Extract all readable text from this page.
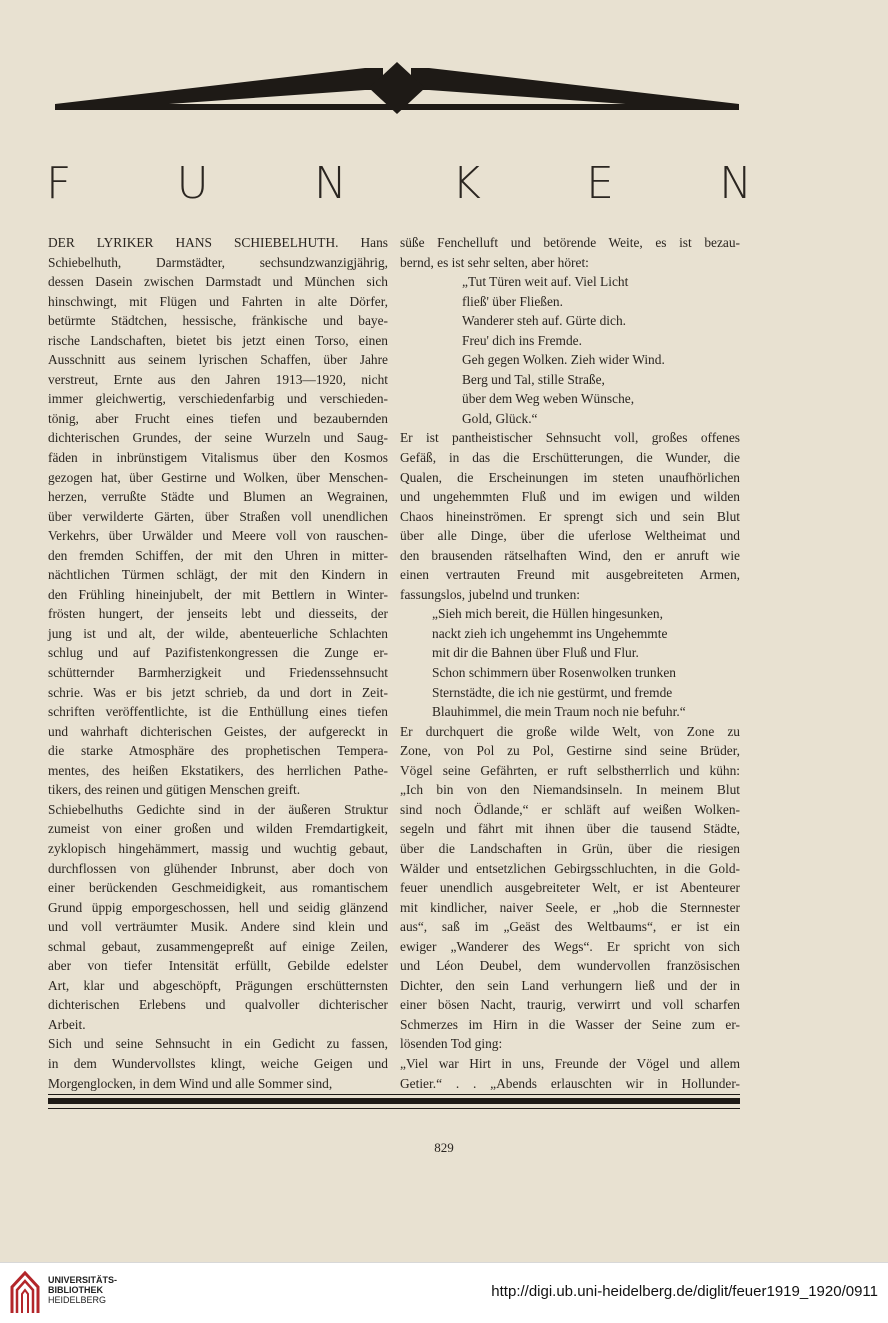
F U N K E N
DER LYRIKER HANS SCHIEBELHUTH. Hans
Schiebelhuth, Darmstädter, sechsundzwanzigjährig,
dessen Dasein zwischen Darmstadt und München sich
hinschwingt, mit Flügen und Fahrten in alte Dörfer,
betürmte Städtchen, hessische, fränkische und baye-
rische Landschaften, bietet bis jetzt einen Torso, einen
Ausschnitt aus seinem lyrischen Schaffen, über Jahre
verstreut, Ernte aus den Jahren 1913—1920, nicht
immer gleichwertig, verschiedenfarbig und verschieden-
tönig, aber Frucht eines tiefen und bezaubernden
dichterischen Grundes, der seine Wurzeln und Saug-
fäden in inbrünstigem Vitalismus über den Kosmos
gezogen hat, über Gestirne und Wolken, über Menschen-
herzen, verrußte Städte und Blumen an Wegrainen,
über verwilderte Gärten, über Straßen voll unendlichen
Verkehrs, über Urwälder und Meere voll von rauschen-
den fremden Schiffen, der mit den Uhren in mitter-
nächtlichen Türmen schlägt, der mit den Kindern in
den Frühling hineinjubelt, der mit Bettlern in Winter-
frösten hungert, der jenseits lebt und diesseits, der
jung ist und alt, der wilde, abenteuerliche Schlachten
schlug und auf Pazifistenkongressen die Zunge er-
schütternder Barmherzigkeit und Friedenssehnsucht
schrie. Was er bis jetzt schrieb, da und dort in Zeit-
schriften veröffentlichte, ist die Enthüllung eines tiefen
und wahrhaft dichterischen Geistes, der aufgereckt in
die starke Atmosphäre des prophetischen Tempera-
mentes, des heißen Ekstatikers, des herrlichen Pathe-
tikers, des reinen und gütigen Menschen greift.
Schiebelhuths Gedichte sind in der äußeren Struktur
zumeist von einer großen und wilden Fremdartigkeit,
zyklopisch hingehämmert, massig und wuchtig gebaut,
durchflossen von glühender Inbrunst, aber doch von
einer berückenden Geschmeidigkeit, aus romantischem
Grund üppig emporgeschossen, hell und seidig glänzend
und voll verträumter Musik. Andere sind klein und
schmal gebaut, zusammengepreßt auf einige Zeilen,
aber von tiefer Intensität erfüllt, Gebilde edelster
Art, klar und abgeschöpft, Prägungen erschütternsten
dichterischen Erlebens und qualvoller dichterischer
Arbeit.
Sich und seine Sehnsucht in ein Gedicht zu fassen,
in dem Wundervollstes klingt, weiche Geigen und
Morgenglocken, in dem Wind und alle Sommer sind,
süße Fenchelluft und betörende Weite, es ist bezau-
bernd, es ist sehr selten, aber höret:
„Tut Türen weit auf. Viel Licht
fließ' über Fließen.
Wanderer steh auf. Gürte dich.
Freu' dich ins Fremde.
Geh gegen Wolken. Zieh wider Wind.
Berg und Tal, stille Straße,
über dem Weg weben Wünsche,
Gold, Glück.“
Er ist pantheistischer Sehnsucht voll, großes offenes
Gefäß, in das die Erschütterungen, die Wunder, die
Qualen, die Erscheinungen im steten unaufhörlichen
und ungehemmten Fluß und im ewigen und wilden
Chaos hineinströmen. Er sprengt sich und sein Blut
über alle Dinge, über die uferlose Weltheimat und
den brausenden rätselhaften Wind, den er anruft wie
einen vertrauten Freund mit ausgebreiteten Armen,
fassungslos, jubelnd und trunken:
„Sieh mich bereit, die Hüllen hingesunken,
nackt zieh ich ungehemmt ins Ungehemmte
mit dir die Bahnen über Fluß und Flur.
Schon schimmern über Rosenwolken trunken
Sternstädte, die ich nie gestürmt, und fremde
Blauhimmel, die mein Traum noch nie befuhr.“
Er durchquert die große wilde Welt, von Zone zu
Zone, von Pol zu Pol, Gestirne sind seine Brüder,
Vögel seine Gefährten, er ruft selbstherrlich und kühn:
„Ich bin von den Niemandsinseln. In meinem Blut
sind noch Ödlande,“ er schläft auf weißen Wolken-
segeln und fährt mit ihnen über die tausend Städte,
über die Landschaften in Grün, über die riesigen
Wälder und entsetzlichen Gebirgsschluchten, in die Gold-
feuer unendlich ausgebreiteter Welt, er ist Abenteurer
mit kindlicher, naiver Seele, er „hob die Sternnester
aus“, saß im „Geäst des Weltbaums“, er ist ein
ewiger „Wanderer des Wegs“. Er spricht von sich
und Léon Deubel, dem wundervollen französischen
Dichter, den sein Land verhungern ließ und der in
einer bösen Nacht, traurig, verwirrt und voll scharfen
Schmerzes im Hirn in die Wasser der Seine zum er-
lösenden Tod ging:
„Viel war Hirt in uns, Freunde der Vögel und allem
Getier.“ . . „Abends erlauschten wir in Hollunder-
829
UNIVERSITÄTS-
BIBLIOTHEK
HEIDELBERG	http://digi.ub.uni-heidelberg.de/diglit/feuer1919_1920/0911
